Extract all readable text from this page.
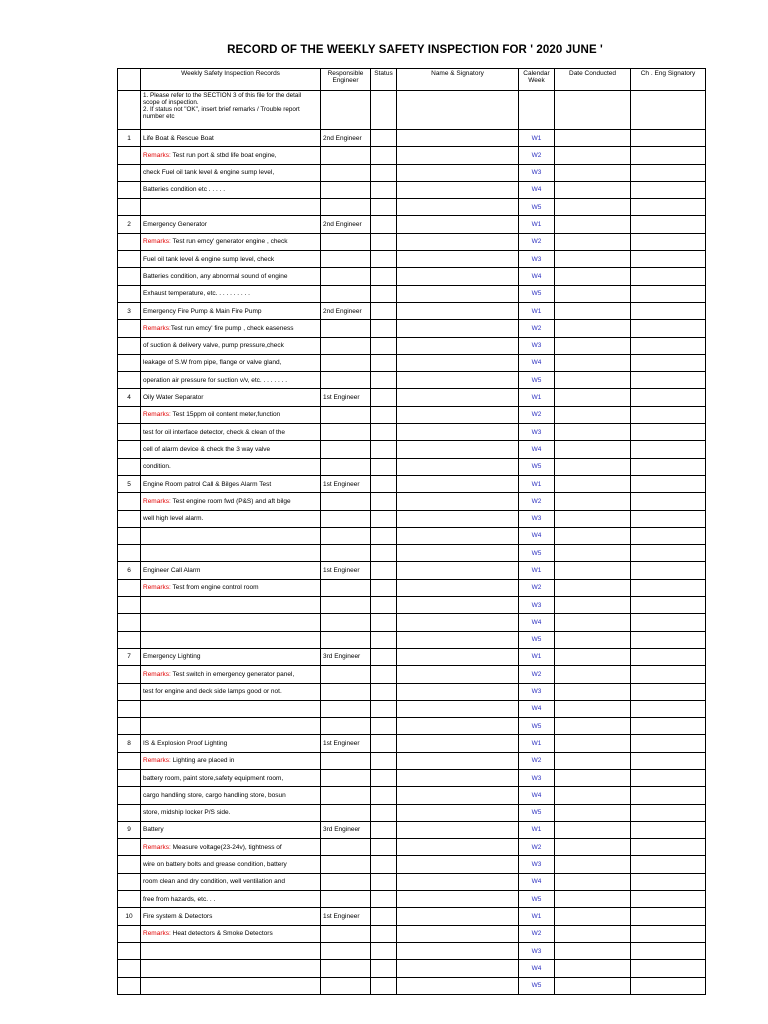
RECORD OF THE WEEKLY SAFETY INSPECTION FOR ' 2020 JUNE '
	Weekly Safety Inspection Records	Responsible Engineer	Status	Name & Signatory	Calendar Week	Date Conducted	Ch . Eng Signatory
	1. Please refer to the SECTION 3 of this file for the detail scope of inspection.
2. If status not "OK", insert brief remarks / Trouble report number etc						
1	Life Boat & Rescue Boat	2nd Engineer			W1		
	Remarks: Test run port & stbd life boat engine,				W2		
	check Fuel oil tank level & engine sump level,				W3		
	Batteries condition etc . . . . .				W4		
					W5		
2	Emergency Generator	2nd Engineer			W1		
	Remarks: Test run emcy' generator engine , check				W2		
	Fuel oil tank level & engine sump level, check				W3		
	Batteries condition, any abnormal sound of engine				W4		
	Exhaust temperature, etc. . . . . . . . . .				W5		
3	Emergency Fire Pump & Main Fire Pump	2nd Engineer			W1		
	Remarks:Test run emcy' fire pump , check easeness				W2		
	of suction & delivery valve, pump pressure,check				W3		
	leakage of S.W from pipe, flange or valve gland,				W4		
	operation air pressure for suction v/v, etc. . . . . . . .				W5		
4	Oily Water Separator	1st Engineer			W1		
	Remarks: Test 15ppm oil content meter,function				W2		
	test for oil interface detector, check & clean of the				W3		
	cell of alarm device & check the 3 way valve				W4		
	condition.				W5		
5	Engine Room patrol Call & Bilges Alarm Test	1st Engineer			W1		
	Remarks: Test engine room fwd (P&S) and aft bilge				W2		
	well high level alarm.				W3		
					W4		
					W5		
6	Engineer Call Alarm	1st Engineer			W1		
	Remarks: Test from engine control room				W2		
					W3		
					W4		
					W5		
7	Emergency Lighting	3rd Engineer			W1		
	Remarks: Test switch in emergency generator panel,				W2		
	test for engine and deck side lamps good or not.				W3		
					W4		
					W5		
8	IS & Explosion Proof Lighting	1st Engineer			W1		
	Remarks: Lighting are placed in				W2		
	battery room, paint store,safety equipment room,				W3		
	cargo handling store, cargo handling store, bosun				W4		
	store, midship locker P/S side.				W5		
9	Battery	3rd Engineer			W1		
	Remarks: Measure voltage(23-24v), tightness of				W2		
	wire on battery bolts and grease condition, battery				W3		
	room clean and dry condition, well ventilation and				W4		
	free from hazards, etc. . .				W5		
10	Fire system & Detectors	1st Engineer			W1		
	Remarks: Heat detectors & Smoke Detectors				W2		
					W3		
					W4		
					W5		
